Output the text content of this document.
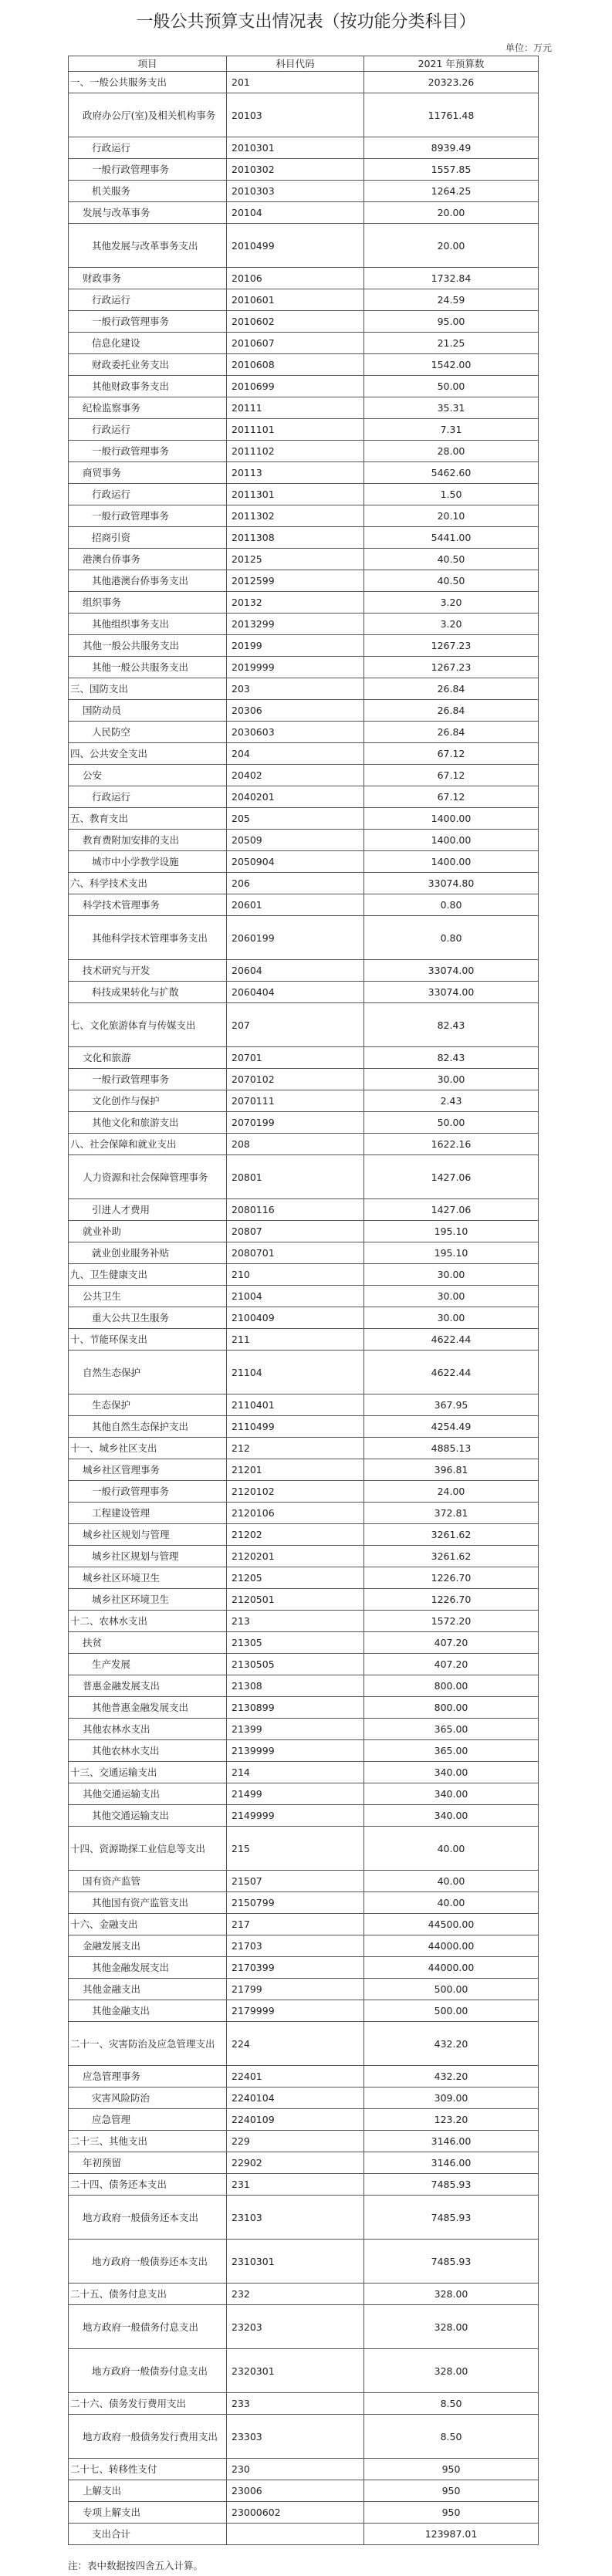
一般公共预算支出情况表（按功能分类科目）
单位：万元
项目	科目代码	2021 年预算数
一、一般公共服务支出	201	20323.26
政府办公厅(室)及相关机构事务	20103	11761.48
行政运行	2010301	8939.49
一般行政管理事务	2010302	1557.85
机关服务	2010303	1264.25
发展与改革事务	20104	20.00
其他发展与改革事务支出	2010499	20.00
财政事务	20106	1732.84
行政运行	2010601	24.59
一般行政管理事务	2010602	95.00
信息化建设	2010607	21.25
财政委托业务支出	2010608	1542.00
其他财政事务支出	2010699	50.00
纪检监察事务	20111	35.31
行政运行	2011101	7.31
一般行政管理事务	2011102	28.00
商贸事务	20113	5462.60
行政运行	2011301	1.50
一般行政管理事务	2011302	20.10
招商引资	2011308	5441.00
港澳台侨事务	20125	40.50
其他港澳台侨事务支出	2012599	40.50
组织事务	20132	3.20
其他组织事务支出	2013299	3.20
其他一般公共服务支出	20199	1267.23
其他一般公共服务支出	2019999	1267.23
三、国防支出	203	26.84
国防动员	20306	26.84
人民防空	2030603	26.84
四、公共安全支出	204	67.12
公安	20402	67.12
行政运行	2040201	67.12
五、教育支出	205	1400.00
教育费附加安排的支出	20509	1400.00
城市中小学教学设施	2050904	1400.00
六、科学技术支出	206	33074.80
科学技术管理事务	20601	0.80
其他科学技术管理事务支出	2060199	0.80
技术研究与开发	20604	33074.00
科技成果转化与扩散	2060404	33074.00
七、文化旅游体育与传媒支出	207	82.43
文化和旅游	20701	82.43
一般行政管理事务	2070102	30.00
文化创作与保护	2070111	2.43
其他文化和旅游支出	2070199	50.00
八、社会保障和就业支出	208	1622.16
人力资源和社会保障管理事务	20801	1427.06
引进人才费用	2080116	1427.06
就业补助	20807	195.10
就业创业服务补贴	2080701	195.10
九、卫生健康支出	210	30.00
公共卫生	21004	30.00
重大公共卫生服务	2100409	30.00
十、节能环保支出	211	4622.44
自然生态保护	21104	4622.44
生态保护	2110401	367.95
其他自然生态保护支出	2110499	4254.49
十一、城乡社区支出	212	4885.13
城乡社区管理事务	21201	396.81
一般行政管理事务	2120102	24.00
工程建设管理	2120106	372.81
城乡社区规划与管理	21202	3261.62
城乡社区规划与管理	2120201	3261.62
城乡社区环境卫生	21205	1226.70
城乡社区环境卫生	2120501	1226.70
十二、农林水支出	213	1572.20
扶贫	21305	407.20
生产发展	2130505	407.20
普惠金融发展支出	21308	800.00
其他普惠金融发展支出	2130899	800.00
其他农林水支出	21399	365.00
其他农林水支出	2139999	365.00
十三、交通运输支出	214	340.00
其他交通运输支出	21499	340.00
其他交通运输支出	2149999	340.00
十四、资源勘探工业信息等支出	215	40.00
国有资产监管	21507	40.00
其他国有资产监管支出	2150799	40.00
十六、金融支出	217	44500.00
金融发展支出	21703	44000.00
其他金融发展支出	2170399	44000.00
其他金融支出	21799	500.00
其他金融支出	2179999	500.00
二十一、灾害防治及应急管理支出	224	432.20
应急管理事务	22401	432.20
灾害风险防治	2240104	309.00
应急管理	2240109	123.20
二十三、其他支出	229	3146.00
年初预留	22902	3146.00
二十四、债务还本支出	231	7485.93
地方政府一般债务还本支出	23103	7485.93
地方政府一般债券还本支出	2310301	7485.93
二十五、债务付息支出	232	328.00
地方政府一般债务付息支出	23203	328.00
地方政府一般债券付息支出	2320301	328.00
二十六、债务发行费用支出	233	8.50
地方政府一般债务发行费用支出	23303	8.50
二十七、转移性支付	230	950
上解支出	23006	950
专项上解支出	23000602	950
支出合计		123987.01
注：表中数据按四舍五入计算。
